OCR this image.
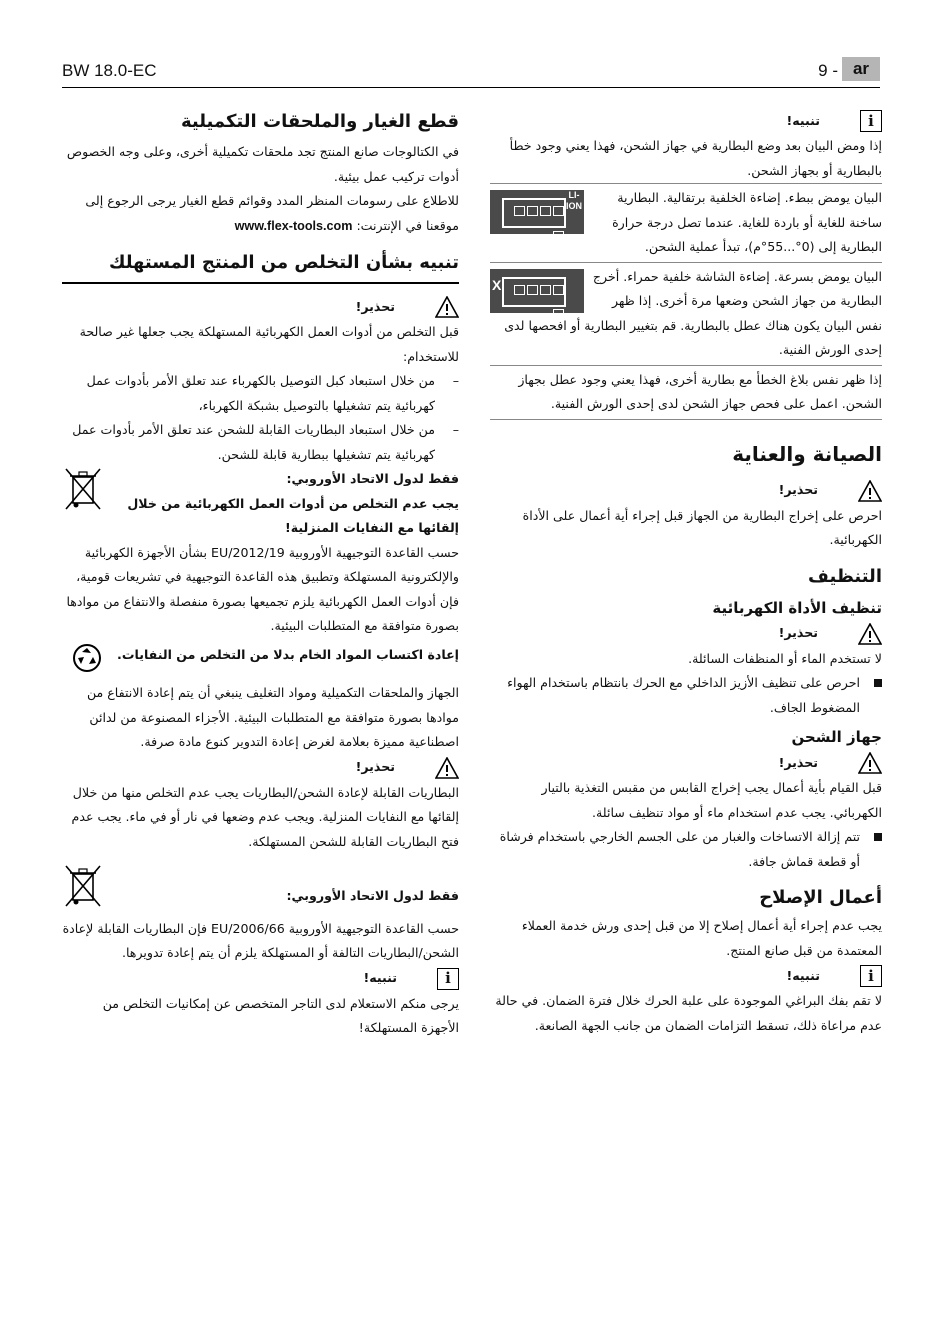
BW 18.0-EC	9 - ar
i
تنبيه!

إذا ومض البيان بعد وضع البطارية في جهاز الشحن، فهذا يعني وجود خطأ بالبطارية أو بجهاز الشحن.

LI-ION

البيان يومض ببطء. إضاءة الخلفية برتقالية. البطارية ساخنة للغاية أو باردة للغاية. عندما تصل درجة حرارة البطارية إلى (0°...55°م)، تبدأ عملية الشحن.

X

البيان يومض بسرعة. إضاءة الشاشة خلفية حمراء. أخرج البطارية من جهاز الشحن وضعها مرة أخرى. إذا ظهر نفس البيان يكون هناك عطل بالبطارية. قم بتغيير البطارية أو افحصها لدى إحدى الورش الفنية.

إذا ظهر نفس بلاغ الخطأ مع بطارية أخرى، فهذا يعني وجود عطل بجهاز الشحن. اعمل على فحص جهاز الشحن لدى إحدى الورش الفنية.

الصيانة والعناية
تحذير!

احرص على إخراج البطارية من الجهاز قبل إجراء أية أعمال على الأداة الكهربائية.

التنظيف
تنظيف الأداة الكهربائية
تحذير!

لا تستخدم الماء أو المنظفات السائلة.

احرص على تنظيف الأزيز الداخلي مع الحرك بانتظام باستخدام الهواء المضغوط الجاف.

جهاز الشحن
تحذير!

قبل القيام بأية أعمال يجب إخراج القابس من مقبس التغذية بالتيار الكهربائي. يجب عدم استخدام ماء أو مواد تنظيف سائلة.

تتم إزالة الاتساخات والغبار من على الجسم الخارجي باستخدام فرشاة أو قطعة قماش جافة.

أعمال الإصلاح

يجب عدم إجراء أية أعمال إصلاح إلا من قبل إحدى ورش خدمة العملاء المعتمدة من قبل صانع المنتج.

i
تنبيه!

لا تقم بفك البراغي الموجودة على علبة الحرك خلال فترة الضمان. في حالة عدم مراعاة ذلك، تسقط التزامات الضمان من جانب الجهة الصانعة.

قطع الغيار والملحقات التكميلية

في الكتالوجات صانع المنتج تجد ملحقات تكميلية أخرى، وعلى وجه الخصوص أدوات تركيب عمل بيئية.

للاطلاع على رسومات المنظر المدد وقوائم قطع الغيار يرجى الرجوع إلى موقعنا في الإنترنت: www.flex-tools.com

تنبيه بشأن التخلص من المنتج المستهلك
تحذير!

قبل التخلص من أدوات العمل الكهربائية المستهلكة يجب جعلها غير صالحة للاستخدام:

–

من خلال استبعاد كبل التوصيل بالكهرباء عند تعلق الأمر بأدوات عمل كهربائية يتم تشغيلها بالتوصيل بشبكة الكهرباء،

–

من خلال استبعاد البطاريات القابلة للشحن عند تعلق الأمر بأدوات عمل كهربائية يتم تشغيلها ببطارية قابلة للشحن.

فقط لدول الاتحاد الأوروبي:

يجب عدم التخلص من أدوات العمل الكهربائية من خلال إلقائها مع النفايات المنزلية!

حسب القاعدة التوجيهية الأوروبية 2012/19/EU بشأن الأجهزة الكهربائية والإلكترونية المستهلكة وتطبيق هذه القاعدة التوجيهية في تشريعات قومية، فإن أدوات العمل الكهربائية يلزم تجميعها بصورة منفصلة والانتفاع من موادها بصورة متوافقة مع المتطلبات البيئية.

إعادة اكتساب المواد الخام بدلا من التخلص من النفايات.

الجهاز والملحقات التكميلية ومواد التغليف ينبغي أن يتم إعادة الانتفاع من موادها بصورة متوافقة مع المتطلبات البيئية. الأجزاء المصنوعة من لدائن اصطناعية مميزة بعلامة لغرض إعادة التدوير كنوع مادة صرفة.

تحذير!

البطاريات القابلة لإعادة الشحن/البطاريات يجب عدم التخلص منها من خلال إلقائها مع النفايات المنزلية. ويجب عدم وضعها في نار أو في ماء. يجب عدم فتح البطاريات القابلة للشحن المستهلكة.

فقط لدول الاتحاد الأوروبي:

حسب القاعدة التوجيهية الأوروبية 2006/66/EU فإن البطاريات القابلة لإعادة الشحن/البطاريات التالفة أو المستهلكة يلزم أن يتم إعادة تدويرها.

i
تنبيه!

يرجى منكم الاستعلام لدى التاجر المتخصص عن إمكانيات التخلص من الأجهزة المستهلكة!
